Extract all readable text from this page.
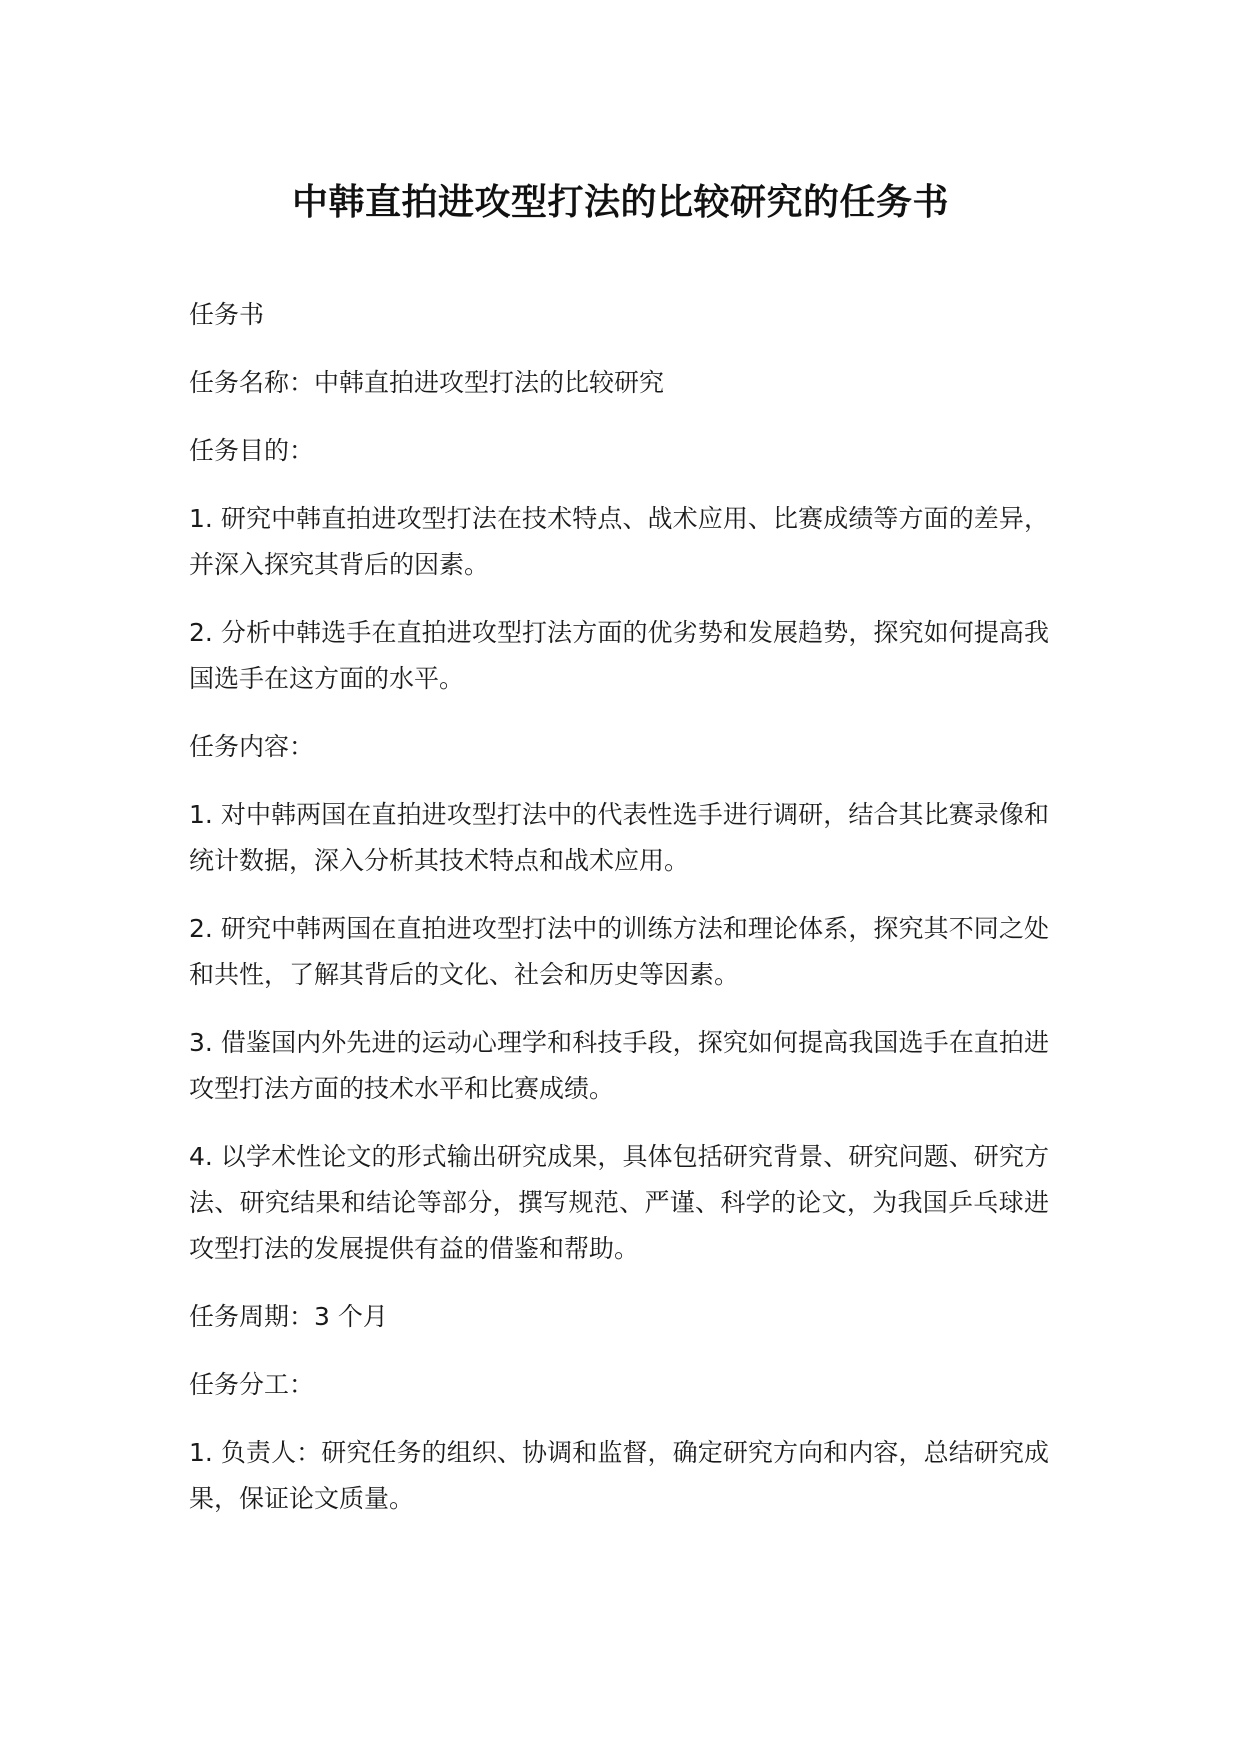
中韩直拍进攻型打法的比较研究的任务书

任务书

任务名称：中韩直拍进攻型打法的比较研究

任务目的：

1. 研究中韩直拍进攻型打法在技术特点、战术应用、比赛成绩等方面的差异，并深入探究其背后的因素。

2. 分析中韩选手在直拍进攻型打法方面的优劣势和发展趋势，探究如何提高我国选手在这方面的水平。

任务内容：

1. 对中韩两国在直拍进攻型打法中的代表性选手进行调研，结合其比赛录像和统计数据，深入分析其技术特点和战术应用。

2. 研究中韩两国在直拍进攻型打法中的训练方法和理论体系，探究其不同之处和共性，了解其背后的文化、社会和历史等因素。

3. 借鉴国内外先进的运动心理学和科技手段，探究如何提高我国选手在直拍进攻型打法方面的技术水平和比赛成绩。

4. 以学术性论文的形式输出研究成果，具体包括研究背景、研究问题、研究方法、研究结果和结论等部分，撰写规范、严谨、科学的论文，为我国乒乓球进攻型打法的发展提供有益的借鉴和帮助。

任务周期：3 个月

任务分工：

1. 负责人：研究任务的组织、协调和监督，确定研究方向和内容，总结研究成果，保证论文质量。
